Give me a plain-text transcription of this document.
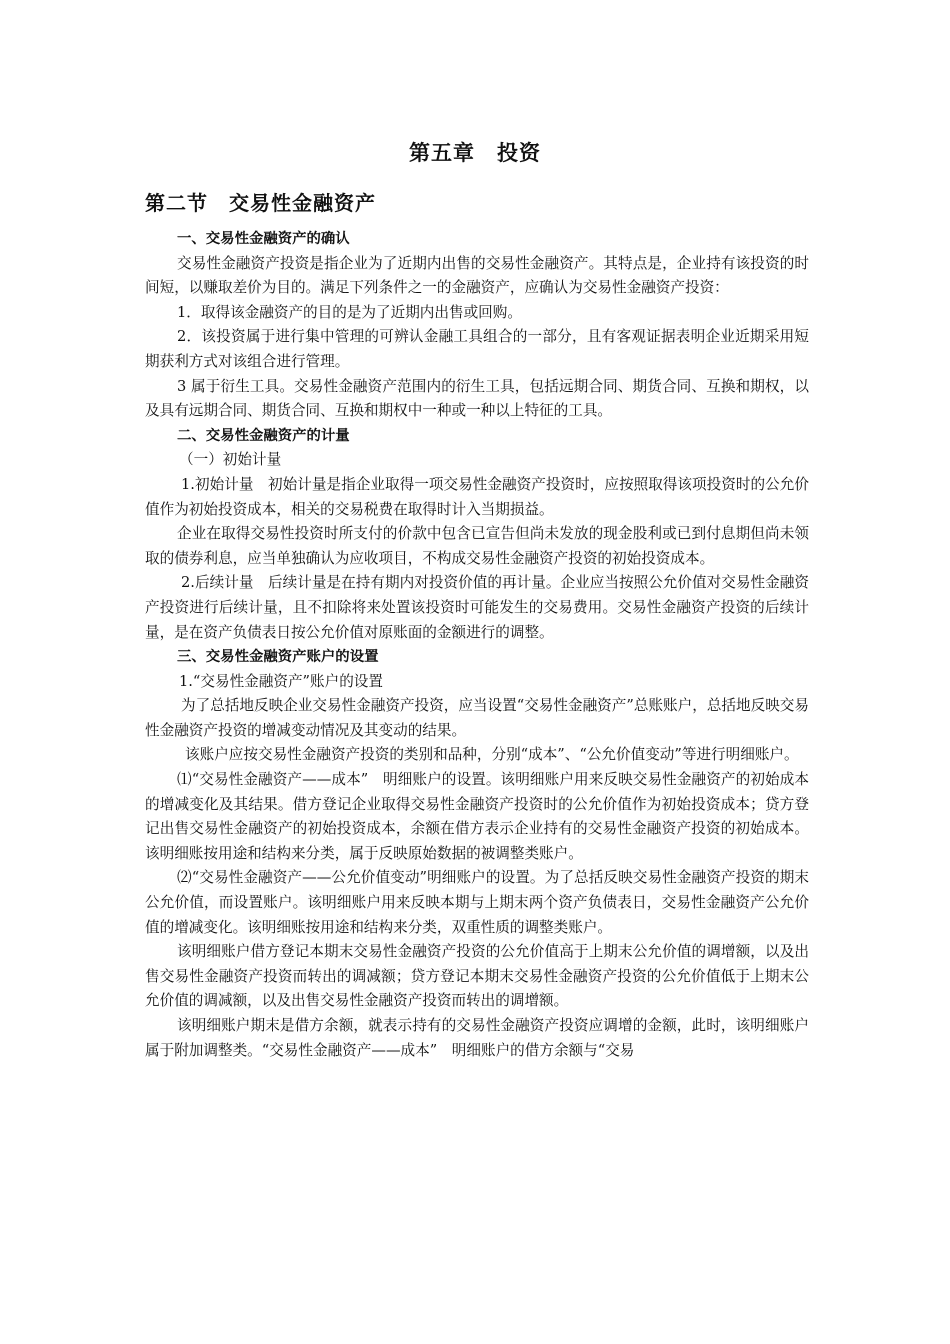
第五章　投资
第二节　交易性金融资产

一、交易性金融资产的确认

交易性金融资产投资是指企业为了近期内出售的交易性金融资产。其特点是，企业持有该投资的时间短，以赚取差价为目的。满足下列条件之一的金融资产，应确认为交易性金融资产投资：

1．取得该金融资产的目的是为了近期内出售或回购。

2．该投资属于进行集中管理的可辨认金融工具组合的一部分，且有客观证据表明企业近期采用短期获利方式对该组合进行管理。

3 属于衍生工具。交易性金融资产范围内的衍生工具，包括远期合同、期货合同、互换和期权，以及具有远期合同、期货合同、互换和期权中一种或一种以上特征的工具。

二、交易性金融资产的计量

（一）初始计量

1.初始计量　初始计量是指企业取得一项交易性金融资产投资时，应按照取得该项投资时的公允价值作为初始投资成本，相关的交易税费在取得时计入当期损益。

企业在取得交易性投资时所支付的价款中包含已宣告但尚未发放的现金股利或已到付息期但尚未领取的债券利息，应当单独确认为应收项目，不构成交易性金融资产投资的初始投资成本。

2.后续计量　后续计量是在持有期内对投资价值的再计量。企业应当按照公允价值对交易性金融资产投资进行后续计量，且不扣除将来处置该投资时可能发生的交易费用。交易性金融资产投资的后续计量，是在资产负债表日按公允价值对原账面的金额进行的调整。

三、交易性金融资产账户的设置

1.“交易性金融资产”账户的设置

为了总括地反映企业交易性金融资产投资，应当设置“交易性金融资产”总账账户，总括地反映交易性金融资产投资的增减变动情况及其变动的结果。

该账户应按交易性金融资产投资的类别和品种，分别“成本”、“公允价值变动”等进行明细账户。

⑴“交易性金融资产——成本”　明细账户的设置。该明细账户用来反映交易性金融资产的初始成本的增减变化及其结果。借方登记企业取得交易性金融资产投资时的公允价值作为初始投资成本；贷方登记出售交易性金融资产的初始投资成本，余额在借方表示企业持有的交易性金融资产投资的初始成本。该明细账按用途和结构来分类，属于反映原始数据的被调整类账户。

⑵“交易性金融资产——公允价值变动”明细账户的设置。为了总括反映交易性金融资产投资的期末公允价值，而设置账户。该明细账户用来反映本期与上期末两个资产负债表日，交易性金融资产公允价值的增减变化。该明细账按用途和结构来分类，双重性质的调整类账户。

该明细账户借方登记本期末交易性金融资产投资的公允价值高于上期末公允价值的调增额，以及出售交易性金融资产投资而转出的调减额；贷方登记本期末交易性金融资产投资的公允价值低于上期末公允价值的调减额，以及出售交易性金融资产投资而转出的调增额。

该明细账户期末是借方余额，就表示持有的交易性金融资产投资应调增的金额，此时，该明细账户属于附加调整类。“交易性金融资产——成本”　明细账户的借方余额与“交易
